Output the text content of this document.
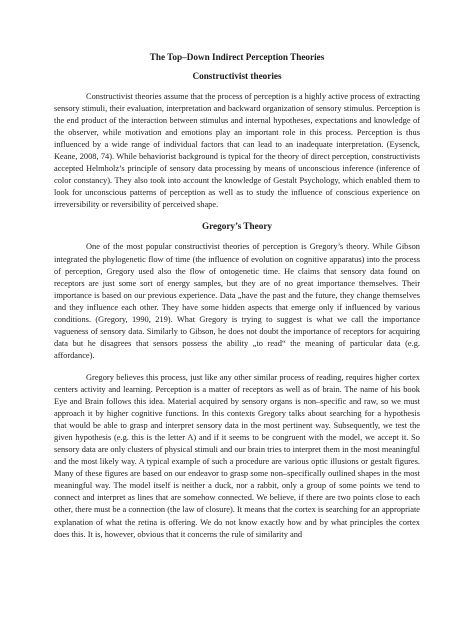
The Top–Down Indirect Perception Theories
Constructivist theories

Constructivist theories assume that the process of perception is a highly active process of extracting sensory stimuli, their evaluation, interpretation and backward organization of sensory stimulus. Perception is the end product of the interaction between stimulus and internal hypotheses, expectations and knowledge of the observer, while motivation and emotions play an important role in this process. Perception is thus influenced by a wide range of individual factors that can lead to an inadequate interpretation. (Eysenck, Keane, 2008, 74). While behaviorist background is typical for the theory of direct perception, constructivists accepted Helmholz’s principle of sensory data processing by means of unconscious inference (inference of color constancy). They also took into account the knowledge of Gestalt Psychology, which enabled them to look for unconscious patterns of perception as well as to study the influence of conscious experience on irreversibility or reversibility of perceived shape.

Gregory’s Theory

One of the most popular constructivist theories of perception is Gregory’s theory. While Gibson integrated the phylogenetic flow of time (the influence of evolution on cognitive apparatus) into the process of perception, Gregory used also the flow of ontogenetic time. He claims that sensory data found on receptors are just some sort of energy samples, but they are of no great importance themselves. Their importance is based on our previous experience. Data „have the past and the future, they change themselves and they influence each other. They have some hidden aspects that emerge only if influenced by various conditions. (Gregory, 1990, 219). What Gregory is trying to suggest is what we call the importance vagueness of sensory data. Similarly to Gibson, he does not doubt the importance of receptors for acquiring data but he disagrees that sensors possess the ability „to read“ the meaning of particular data (e.g. affordance).

Gregory believes this process, just like any other similar process of reading, requires higher cortex centers activity and learning. Perception is a matter of receptors as well as of brain. The name of his book Eye and Brain follows this idea. Material acquired by sensory organs is non–specific and raw, so we must approach it by higher cognitive functions. In this contexts Gregory talks about searching for a hypothesis that would be able to grasp and interpret sensory data in the most pertinent way. Subsequently, we test the given hypothesis (e.g. this is the letter A) and if it seems to be congruent with the model, we accept it. So sensory data are only clusters of physical stimuli and our brain tries to interpret them in the most meaningful and the most likely way. A typical example of such a procedure are various optic illusions or gestalt figures. Many of these figures are based on our endeavor to grasp some non–specifically outlined shapes in the most meaningful way. The model itself is neither a duck, nor a rabbit, only a group of some points we tend to connect and interpret as lines that are somehow connected. We believe, if there are two points close to each other, there must be a connection (the law of closure). It means that the cortex is searching for an appropriate explanation of what the retina is offering. We do not know exactly how and by what principles the cortex does this. It is, however, obvious that it concerns the rule of similarity and
